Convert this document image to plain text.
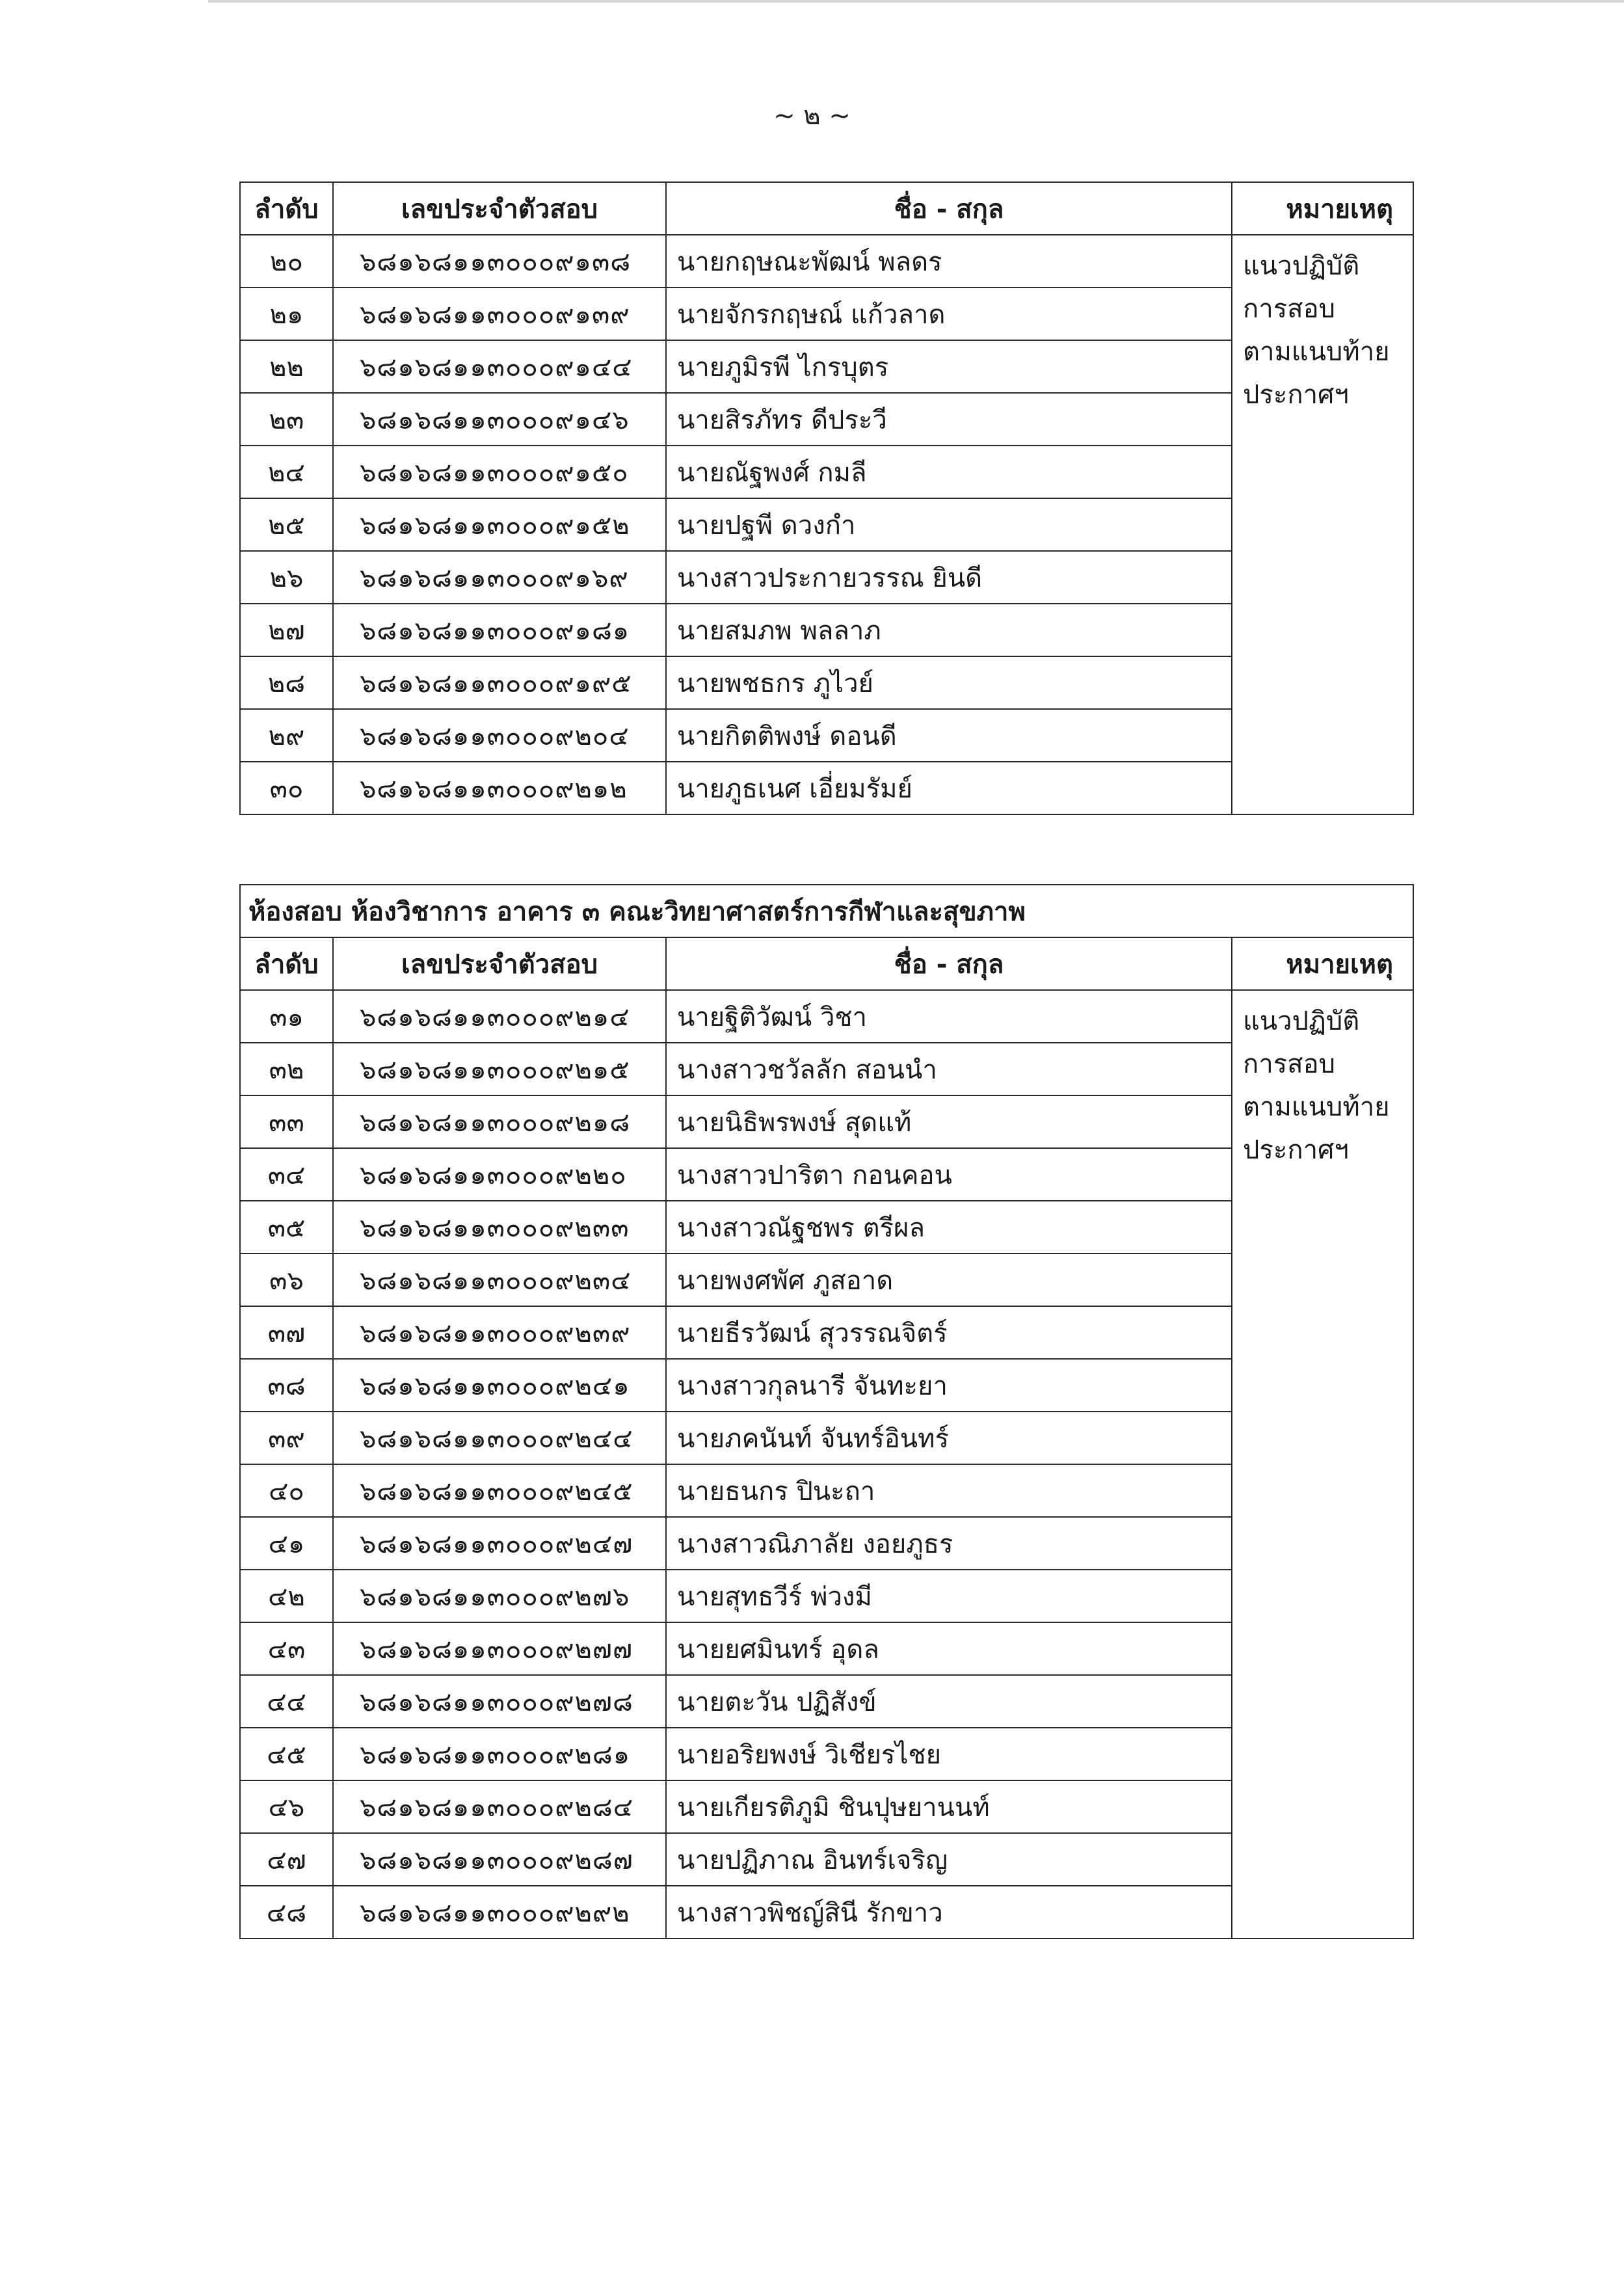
~ ๒ ~
ลำดับ	เลขประจำตัวสอบ	ชื่อ - สกุล	หมายเหตุ
๒๐	๖๘๑๖๘๑๑๓๐๐๐๙๑๓๘	นายกฤษณะพัฒน์ พลดร	แนวปฏิบัติ
การสอบ
ตามแนบท้าย
ประกาศฯ

๒๑	๖๘๑๖๘๑๑๓๐๐๐๙๑๓๙	นายจักรกฤษณ์ แก้วลาด	
๒๒	๖๘๑๖๘๑๑๓๐๐๐๙๑๔๔	นายภูมิรพี ไกรบุตร	
๒๓	๖๘๑๖๘๑๑๓๐๐๐๙๑๔๖	นายสิรภัทร ดีประวี	
๒๔	๖๘๑๖๘๑๑๓๐๐๐๙๑๕๐	นายณัฐพงศ์ กมลี	
๒๕	๖๘๑๖๘๑๑๓๐๐๐๙๑๕๒	นายปฐพี ดวงกำ	
๒๖	๖๘๑๖๘๑๑๓๐๐๐๙๑๖๙	นางสาวประกายวรรณ ยินดี	
๒๗	๖๘๑๖๘๑๑๓๐๐๐๙๑๘๑	นายสมภพ พลลาภ	
๒๘	๖๘๑๖๘๑๑๓๐๐๐๙๑๙๕	นายพชธกร ภูไวย์	
๒๙	๖๘๑๖๘๑๑๓๐๐๐๙๒๐๔	นายกิตติพงษ์ ดอนดี	
๓๐	๖๘๑๖๘๑๑๓๐๐๐๙๒๑๒	นายภูธเนศ เอี่ยมรัมย์	
ห้องสอบ ห้องวิชาการ อาคาร ๓ คณะวิทยาศาสตร์การกีฬาและสุขภาพ			
ลำดับ	เลขประจำตัวสอบ	ชื่อ - สกุล	หมายเหตุ
๓๑	๖๘๑๖๘๑๑๓๐๐๐๙๒๑๔	นายฐิติวัฒน์ วิชา	แนวปฏิบัติ
การสอบ
ตามแนบท้าย
ประกาศฯ

๓๒	๖๘๑๖๘๑๑๓๐๐๐๙๒๑๕	นางสาวชวัลลัก สอนนำ	
๓๓	๖๘๑๖๘๑๑๓๐๐๐๙๒๑๘	นายนิธิพรพงษ์ สุดแท้	
๓๔	๖๘๑๖๘๑๑๓๐๐๐๙๒๒๐	นางสาวปาริตา กอนคอน	
๓๕	๖๘๑๖๘๑๑๓๐๐๐๙๒๓๓	นางสาวณัฐชพร ตรีผล	
๓๖	๖๘๑๖๘๑๑๓๐๐๐๙๒๓๔	นายพงศพัศ ภูสอาด	
๓๗	๖๘๑๖๘๑๑๓๐๐๐๙๒๓๙	นายธีรวัฒน์ สุวรรณจิตร์	
๓๘	๖๘๑๖๘๑๑๓๐๐๐๙๒๔๑	นางสาวกุลนารี จันทะยา	
๓๙	๖๘๑๖๘๑๑๓๐๐๐๙๒๔๔	นายภคนันท์ จันทร์อินทร์	
๔๐	๖๘๑๖๘๑๑๓๐๐๐๙๒๔๕	นายธนกร ปินะถา	
๔๑	๖๘๑๖๘๑๑๓๐๐๐๙๒๔๗	นางสาวณิภาลัย งอยภูธร	
๔๒	๖๘๑๖๘๑๑๓๐๐๐๙๒๗๖	นายสุทธวีร์ พ่วงมี	
๔๓	๖๘๑๖๘๑๑๓๐๐๐๙๒๗๗	นายยศมินทร์ อุดล	
๔๔	๖๘๑๖๘๑๑๓๐๐๐๙๒๗๘	นายตะวัน ปฏิสังข์	
๔๕	๖๘๑๖๘๑๑๓๐๐๐๙๒๘๑	นายอริยพงษ์ วิเชียรไชย	
๔๖	๖๘๑๖๘๑๑๓๐๐๐๙๒๘๔	นายเกียรติภูมิ ชินปุษยานนท์	
๔๗	๖๘๑๖๘๑๑๓๐๐๐๙๒๘๗	นายปฏิภาณ อินทร์เจริญ	
๔๘	๖๘๑๖๘๑๑๓๐๐๐๙๒๙๒	นางสาวพิชญ์สินี รักขาว	
